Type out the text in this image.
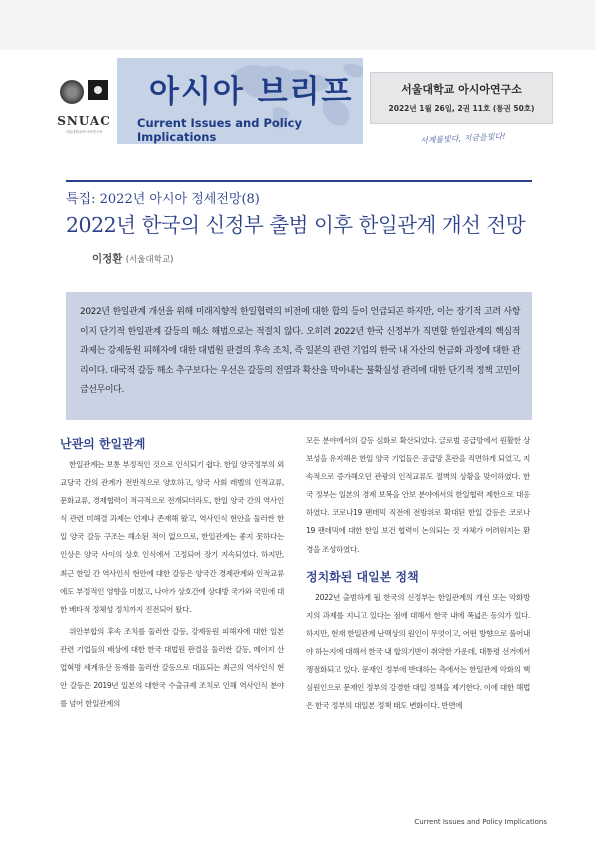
SNUAC
서울대학교아시아연구소
아시아 브리프
Current Issues and Policy Implications
서울대학교 아시아연구소
2022년 1월 26일, 2권 11호 (통권 50호)
서계를빛다, 지금을빛다!
특집: 2022년 아시아 정세전망(8)
2022년 한국의 신정부 출범 이후 한일관계 개선 전망
이정환 (서울대학교)

2022년 한일관계 개선을 위해 미래지향적 한일협력의 비전에 대한 합의 등이 언급되곤 하지만, 이는 장기적 고려 사항이지 단기적 한일관계 갈등의 해소 해법으로는 적절치 않다. 오히려 2022년 한국 신정부가 직면할 한일관계의 핵심적 과제는 강제동원 피해자에 대한 대법원 판결의 후속 조치, 즉 일본의 관련 기업의 한국 내 자산의 현금화 과정에 대한 관리이다. 대국적 갈등 해소 추구보다는 우선은 갈등의 전염과 확산을 막아내는 불확실성 관리에 대한 단기적 정책 고민이 급선무이다.

난관의 한일관계

한일관계는 보통 부정적인 것으로 인식되기 쉽다. 한일 양국정부의 외교당국 간의 관계가 전반적으로 양호하고, 양국 사회 레벨의 인적교류, 문화교류, 경제협력이 적극적으로 전개되더라도, 한일 양국 간의 역사인식 관련 미해결 과제는 언제나 존재해 왔고, 역사인식 현안을 둘러싼 한일 양국 갈등 구조는 해소된 적이 없으므로, 한일관계는 좋지 못하다는 인상은 양국 사이의 상호 인식에서 고정되어 장기 지속되었다. 하지만, 최근 한일 간 역사인식 현안에 대한 갈등은 양국간 경제관계와 인적교류에도 부정적인 영향을 미쳤고, 나아가 상호간에 상대방 국가와 국민에 대한 배타적 정체성 정치까지 진전되어 왔다.

위안부합의 후속 조치를 둘러싼 갈등, 강제동원 피해자에 대한 일본 관련 기업들의 배상에 대한 한국 대법원 판결을 둘러싼 갈등, 메이지 산업혁명 세계유산 등재를 둘러싼 갈등으로 대표되는 최근의 역사인식 현안 갈등은 2019년 일본의 대한국 수출규제 조치로 인해 역사인식 분야를 넘어 한일관계의

모든 분야에서의 갈등 심화로 확산되었다. 글로벌 공급망에서 원활한 상보성을 유지해온 한일 양국 기업들은 공급망 혼란을 직면하게 되었고, 지속적으로 증가해오던 관광의 인적교류도 절벽의 상황을 맞이하였다. 한국 정부는 일본의 경제 보복을 안보 분야에서의 한일협력 제한으로 대응하였다. 코로나19 팬데믹 직전에 전방위로 확대된 한일 갈등은 코로나19 팬데믹에 대한 한일 보건 협력이 논의되는 것 자체가 어려워지는 환경을 조성하였다.

정치화된 대일본 정책

2022년 출범하게 될 한국의 신정부는 한일관계의 개선 또는 악화방지의 과제를 지니고 있다는 점에 대해서 한국 내에 폭넓은 동의가 있다. 하지만, 현재 한일관계 난맥상의 원인이 무엇이고, 어떤 방향으로 풀어내야 하는지에 대해서 한국 내 합의기반이 취약한 가운데, 대통령 선거에서 쟁점화되고 있다. 문재인 정부에 반대하는 측에서는 한일관계 악화의 핵심원인으로 문재인 정부의 강경한 대일 정책을 제기한다. 이에 대한 해법은 한국 정부의 대일본 정책 태도 변화이다. 반면에

Current Issues and Policy Implications
